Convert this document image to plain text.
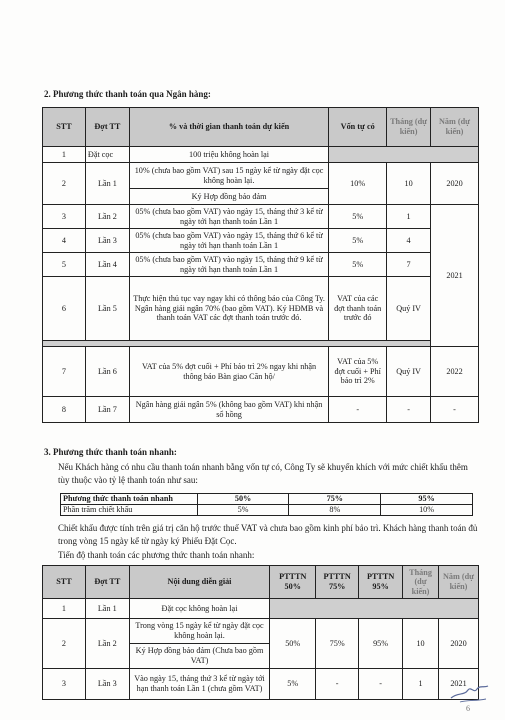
2. Phương thức thanh toán qua Ngân hàng:
STT	Đợt TT	% và thời gian thanh toán dự kiến	Vốn tự có	Tháng (dự kiến)	Năm (dự kiến)
1	Đặt cọc	100 triệu không hoàn lại			
2	Lần 1	10% (chưa bao gồm VAT) sau 15 ngày kể từ ngày đặt cọc không hoàn lại.	10%	10	2020
		Ký Hợp đồng bảo đảm			
3	Lần 2	05% (chưa bao gồm VAT) vào ngày 15, tháng thứ 3 kể từ ngày tới hạn thanh toán Lần 1	5%	1	2021
4	Lần 3	05% (chưa bao gồm VAT) vào ngày 15, tháng thứ 6 kể từ ngày tới hạn thanh toán Lần 1	5%	4	
5	Lần 4	05% (chưa bao gồm VAT) vào ngày 15, tháng thứ 9 kể từ ngày tới hạn thanh toán Lần 1	5%	7	
6	Lần 5	Thực hiện thủ tục vay ngay khi có thông báo của Công Ty. Ngân hàng giải ngân 70% (bao gồm VAT). Ký HĐMB và thanh toán VAT các đợt thanh toán trước đó.	VAT của các đợt thanh toán trước đó	Quý IV	

7	Lần 6	VAT của 5% đợt cuối + Phí bảo trì 2% ngay khi nhận thông báo Bàn giao Căn hộ/	VAT của 5% đợt cuối + Phí bảo trì 2%	Quý IV	2022
8	Lần 7	Ngân hàng giải ngân 5% (không bao gồm VAT) khi nhận sổ hồng	-	-	-
3. Phương thức thanh toán nhanh:
Nếu Khách hàng có nhu cầu thanh toán nhanh bằng vốn tự có, Công Ty sẽ khuyến khích với mức chiết khấu thêm tùy thuộc vào tỷ lệ thanh toán như sau:
Phương thức thanh toán nhanh	50%	75%	95%
Phần trăm chiết khấu	5%	8%	10%
Chiết khấu được tính trên giá trị căn hộ trước thuế VAT và chưa bao gồm kinh phí bảo trì. Khách hàng thanh toán đủ trong vòng 15 ngày kể từ ngày ký Phiếu Đặt Cọc.
Tiến độ thanh toán các phương thức thanh toán nhanh:
STT	Đợt TT	Nội dung diễn giải	PTTTN 50%	PTTTN 75%	PTTTN 95%	Tháng (dự kiến)	Năm (dự kiến)
1	Lần 1	Đặt cọc không hoàn lại					
2	Lần 2	Trong vòng 15 ngày kể từ ngày đặt cọc không hoàn lại.	50%	75%	95%	10	2020
		Ký Hợp đồng bảo đảm (Chưa bao gồm VAT)					
3	Lần 3	Vào ngày 15, tháng thứ 3 kể từ ngày tới hạn thanh toán Lần 1 (chưa gồm VAT)	5%	-	-	1	2021
6
